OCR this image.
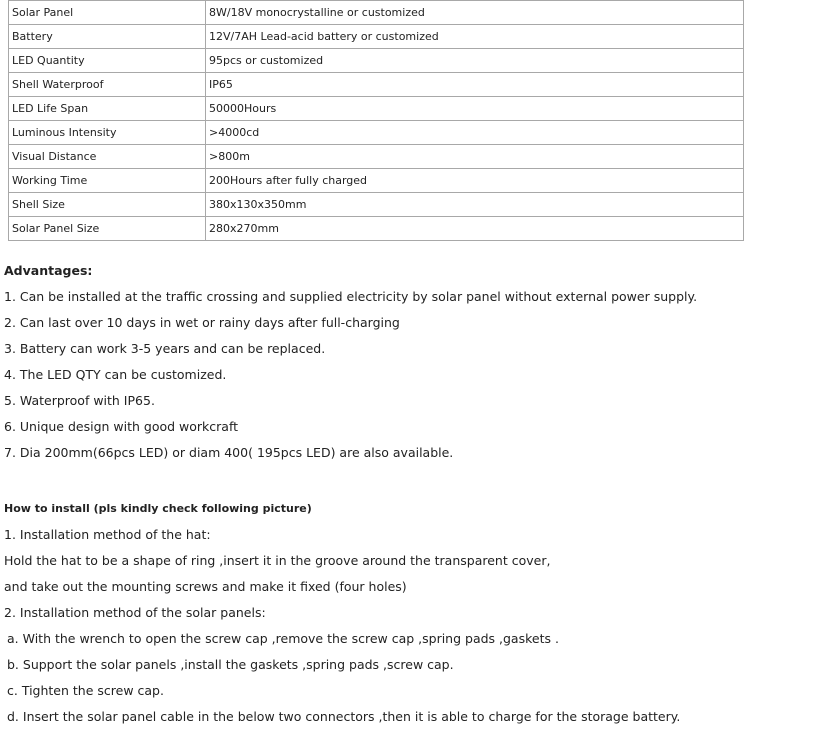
Solar Panel	8W/18V monocrystalline or customized
Battery	12V/7AH Lead-acid battery or customized
LED Quantity	95pcs or customized
Shell Waterproof	IP65
LED Life Span	50000Hours
Luminous Intensity	>4000cd
Visual Distance	>800m
Working Time	200Hours after fully charged
Shell Size	380x130x350mm
Solar Panel Size	280x270mm
Advantages:
1. Can be installed at the traffic crossing and supplied electricity by solar panel without external power supply.
2. Can last over 10 days in wet or rainy days after full-charging
3. Battery can work 3-5 years and can be replaced.
4. The LED QTY can be customized.
5. Waterproof with IP65.
6. Unique design with good workcraft
7. Dia 200mm(66pcs LED) or diam 400( 195pcs LED) are also available.
How to install (pls kindly check following picture)
1. Installation method of the hat:
Hold the hat to be a shape of ring ,insert it in the groove around the transparent cover,
and take out the mounting screws and make it fixed (four holes)
2. Installation method of the solar panels:
a. With the wrench to open the screw cap ,remove the screw cap ,spring pads ,gaskets .
b. Support the solar panels ,install the gaskets ,spring pads ,screw cap.
c. Tighten the screw cap.
d. Insert the solar panel cable in the below two connectors ,then it is able to charge for the storage battery.
